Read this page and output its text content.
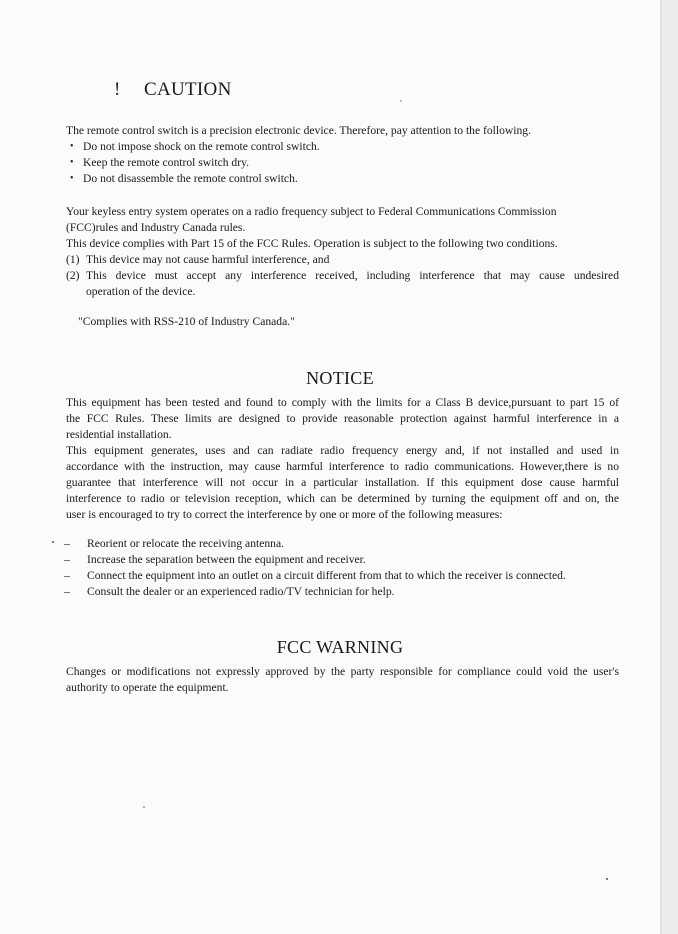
! CAUTION
The remote control switch is a precision electronic device. Therefore, pay attention to the following.
• Do not impose shock on the remote control switch.
• Keep the remote control switch dry.
• Do not disassemble the remote control switch.
Your keyless entry system operates on a radio frequency subject to Federal Communications Commission
(FCC)rules and Industry Canada rules.
This device complies with Part 15 of the FCC Rules. Operation is subject to the following two conditions.
(1) This device may not cause harmful interference, and
(2) This device must accept any interference received, including interference that may cause undesired
operation of the device.
"Complies with RSS-210 of Industry Canada."
NOTICE
This equipment has been tested and found to comply with the limits for a Class B device,pursuant to part 15 of
the FCC Rules. These limits are designed to provide reasonable protection against harmful interference in a
residential installation.
This equipment generates, uses and can radiate radio frequency energy and, if not installed and used in
accordance with the instruction, may cause harmful interference to radio communications. However,there is no
guarantee that interference will not occur in a particular installation. If this equipment dose cause harmful
interference to radio or television reception, which can be determined by turning the equipment off and on, the
user is encouraged to try to correct the interference by one or more of the following measures:
– Reorient or relocate the receiving antenna.
– Increase the separation between the equipment and receiver.
– Connect the equipment into an outlet on a circuit different from that to which the receiver is connected.
– Consult the dealer or an experienced radio/TV technician for help.
FCC WARNING
Changes or modifications not expressly approved by the party responsible for compliance could void the user's
authority to operate the equipment.
